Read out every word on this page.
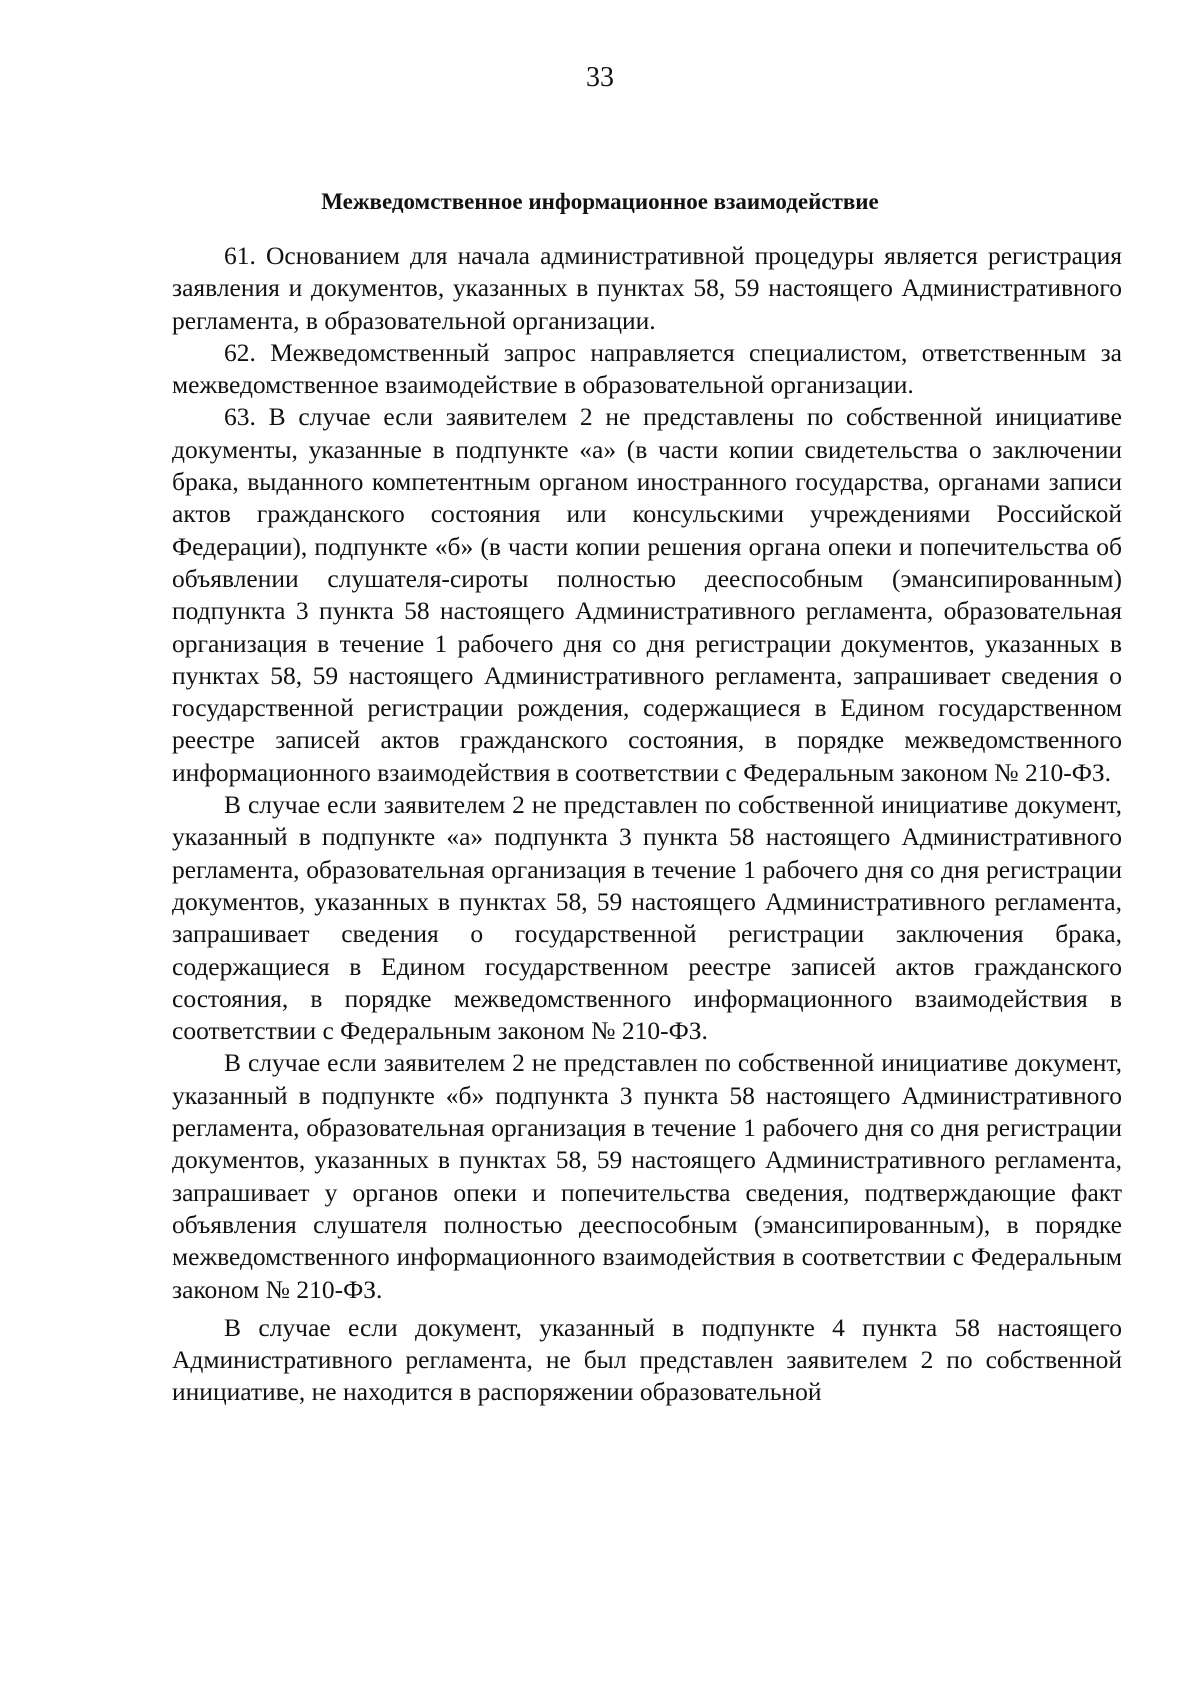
33
Межведомственное информационное взаимодействие

61. Основанием для начала административной процедуры является регистрация заявления и документов, указанных в пунктах 58, 59 настоящего Административного регламента, в образовательной организации.

62. Межведомственный запрос направляется специалистом, ответственным за межведомственное взаимодействие в образовательной организации.

63. В случае если заявителем 2 не представлены по собственной инициативе документы, указанные в подпункте «а» (в части копии свидетельства о заключении брака, выданного компетентным органом иностранного государства, органами записи актов гражданского состояния или консульскими учреждениями Российской Федерации), подпункте «б» (в части копии решения органа опеки и попечительства об объявлении слушателя-сироты полностью дееспособным (эмансипированным) подпункта 3 пункта 58 настоящего Административного регламента, образовательная организация в течение 1 рабочего дня со дня регистрации документов, указанных в пунктах 58, 59 настоящего Административного регламента, запрашивает сведения о государственной регистрации рождения, содержащиеся в Едином государственном реестре записей актов гражданского состояния, в порядке межведомственного информационного взаимодействия в соответствии с Федеральным законом № 210-ФЗ.

В случае если заявителем 2 не представлен по собственной инициативе документ, указанный в подпункте «а» подпункта 3 пункта 58 настоящего Административного регламента, образовательная организация в течение 1 рабочего дня со дня регистрации документов, указанных в пунктах 58, 59 настоящего Административного регламента, запрашивает сведения о государственной регистрации заключения брака, содержащиеся в Едином государственном реестре записей актов гражданского состояния, в порядке межведомственного информационного взаимодействия в соответствии с Федеральным законом № 210-ФЗ.

В случае если заявителем 2 не представлен по собственной инициативе документ, указанный в подпункте «б» подпункта 3 пункта 58 настоящего Административного регламента, образовательная организация в течение 1 рабочего дня со дня регистрации документов, указанных в пунктах 58, 59 настоящего Административного регламента, запрашивает у органов опеки и попечительства сведения, подтверждающие факт объявления слушателя полностью дееспособным (эмансипированным), в порядке межведомственного информационного взаимодействия в соответствии с Федеральным законом № 210-ФЗ.

В случае если документ, указанный в подпункте 4 пункта 58 настоящего Административного регламента, не был представлен заявителем 2 по собственной инициативе, не находится в распоряжении образовательной
